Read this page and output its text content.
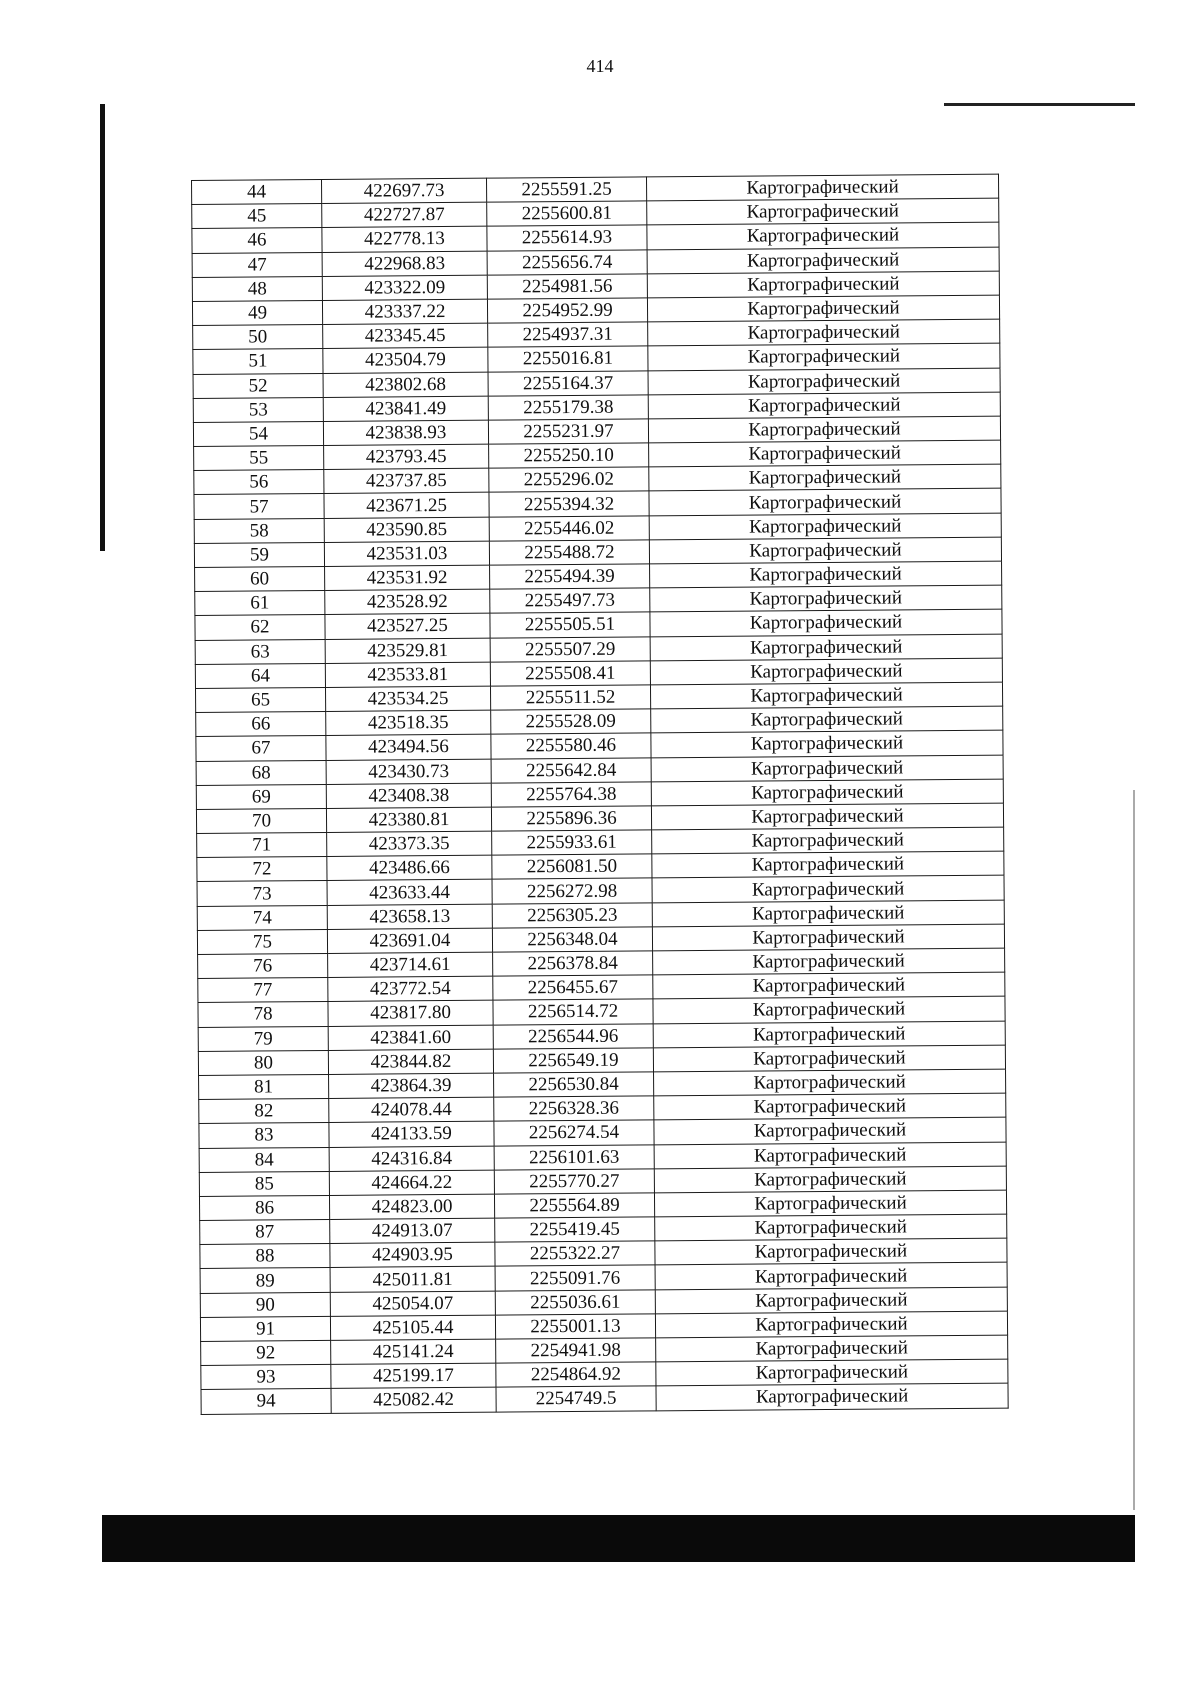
414
44	422697.73	2255591.25	Картографический
45	422727.87	2255600.81	Картографический
46	422778.13	2255614.93	Картографический
47	422968.83	2255656.74	Картографический
48	423322.09	2254981.56	Картографический
49	423337.22	2254952.99	Картографический
50	423345.45	2254937.31	Картографический
51	423504.79	2255016.81	Картографический
52	423802.68	2255164.37	Картографический
53	423841.49	2255179.38	Картографический
54	423838.93	2255231.97	Картографический
55	423793.45	2255250.10	Картографический
56	423737.85	2255296.02	Картографический
57	423671.25	2255394.32	Картографический
58	423590.85	2255446.02	Картографический
59	423531.03	2255488.72	Картографический
60	423531.92	2255494.39	Картографический
61	423528.92	2255497.73	Картографический
62	423527.25	2255505.51	Картографический
63	423529.81	2255507.29	Картографический
64	423533.81	2255508.41	Картографический
65	423534.25	2255511.52	Картографический
66	423518.35	2255528.09	Картографический
67	423494.56	2255580.46	Картографический
68	423430.73	2255642.84	Картографический
69	423408.38	2255764.38	Картографический
70	423380.81	2255896.36	Картографический
71	423373.35	2255933.61	Картографический
72	423486.66	2256081.50	Картографический
73	423633.44	2256272.98	Картографический
74	423658.13	2256305.23	Картографический
75	423691.04	2256348.04	Картографический
76	423714.61	2256378.84	Картографический
77	423772.54	2256455.67	Картографический
78	423817.80	2256514.72	Картографический
79	423841.60	2256544.96	Картографический
80	423844.82	2256549.19	Картографический
81	423864.39	2256530.84	Картографический
82	424078.44	2256328.36	Картографический
83	424133.59	2256274.54	Картографический
84	424316.84	2256101.63	Картографический
85	424664.22	2255770.27	Картографический
86	424823.00	2255564.89	Картографический
87	424913.07	2255419.45	Картографический
88	424903.95	2255322.27	Картографический
89	425011.81	2255091.76	Картографический
90	425054.07	2255036.61	Картографический
91	425105.44	2255001.13	Картографический
92	425141.24	2254941.98	Картографический
93	425199.17	2254864.92	Картографический
94	425082.42	2254749.5	Картографический
